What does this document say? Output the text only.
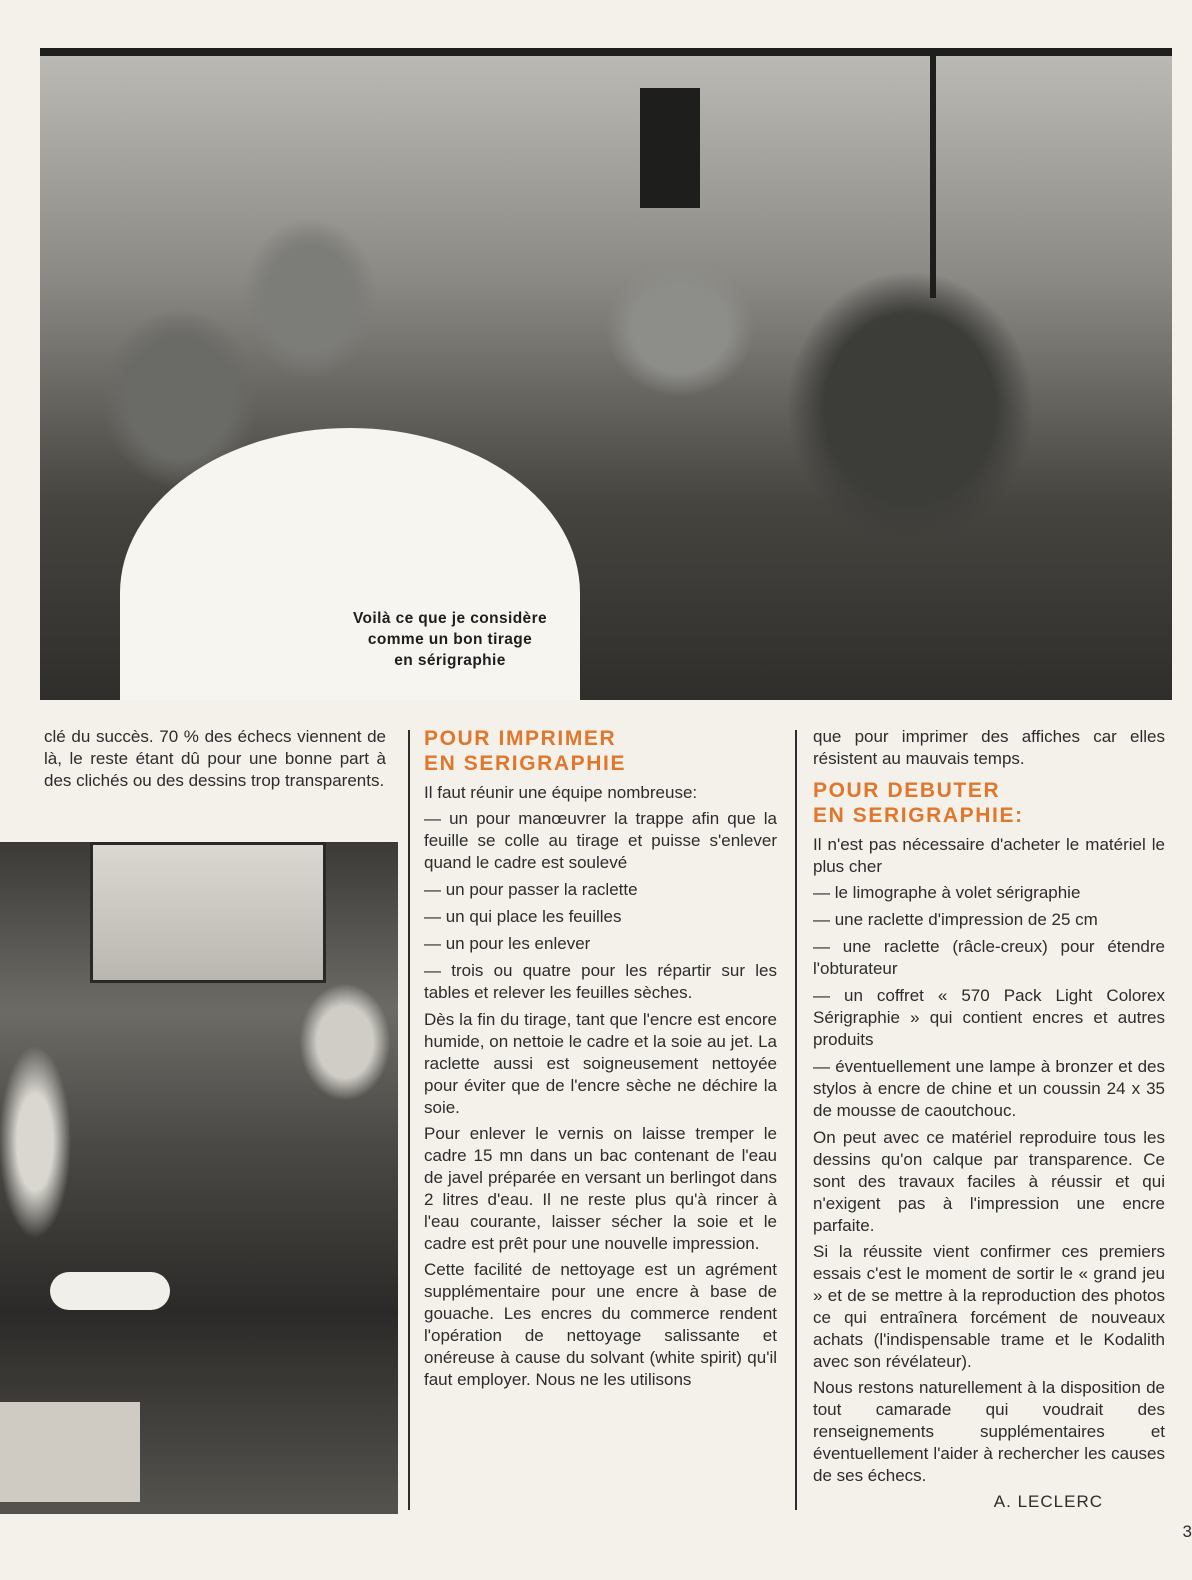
Voilà ce que je considère
comme un bon tirage
en sérigraphie

clé du succès. 70 % des échecs viennent de là, le reste étant dû pour une bonne part à des clichés ou des dessins trop transparents.

POUR IMPRIMER
EN SERIGRAPHIE

Il faut réunir une équipe nombreuse:

— un pour manœuvrer la trappe afin que la feuille se colle au tirage et puisse s'enlever quand le cadre est soulevé

— un pour passer la raclette

— un qui place les feuilles

— un pour les enlever

— trois ou quatre pour les répartir sur les tables et relever les feuilles sèches.

Dès la fin du tirage, tant que l'encre est encore humide, on nettoie le cadre et la soie au jet. La raclette aussi est soigneusement nettoyée pour éviter que de l'encre sèche ne déchire la soie.

Pour enlever le vernis on laisse tremper le cadre 15 mn dans un bac contenant de l'eau de javel préparée en versant un berlingot dans 2 litres d'eau. Il ne reste plus qu'à rincer à l'eau courante, laisser sécher la soie et le cadre est prêt pour une nouvelle impression.

Cette facilité de nettoyage est un agrément supplémentaire pour une encre à base de gouache. Les encres du commerce rendent l'opération de nettoyage salissante et onéreuse à cause du solvant (white spirit) qu'il faut employer. Nous ne les utilisons

que pour imprimer des affiches car elles résistent au mauvais temps.

POUR DEBUTER
EN SERIGRAPHIE:

Il n'est pas nécessaire d'acheter le matériel le plus cher

— le limographe à volet sérigraphie

— une raclette d'impression de 25 cm

— une raclette (râcle-creux) pour étendre l'obturateur

— un coffret « 570 Pack Light Colorex Sérigraphie » qui contient encres et autres produits

— éventuellement une lampe à bronzer et des stylos à encre de chine et un coussin 24 x 35 de mousse de caoutchouc.

On peut avec ce matériel reproduire tous les dessins qu'on calque par transparence. Ce sont des travaux faciles à réussir et qui n'exigent pas à l'impression une encre parfaite.

Si la réussite vient confirmer ces premiers essais c'est le moment de sortir le « grand jeu » et de se mettre à la reproduction des photos ce qui entraînera forcément de nouveaux achats (l'indispensable trame et le Kodalith avec son révélateur).

Nous restons naturellement à la disposition de tout camarade qui voudrait des renseignements supplémentaires et éventuellement l'aider à rechercher les causes de ses échecs.

A. LECLERC
3
